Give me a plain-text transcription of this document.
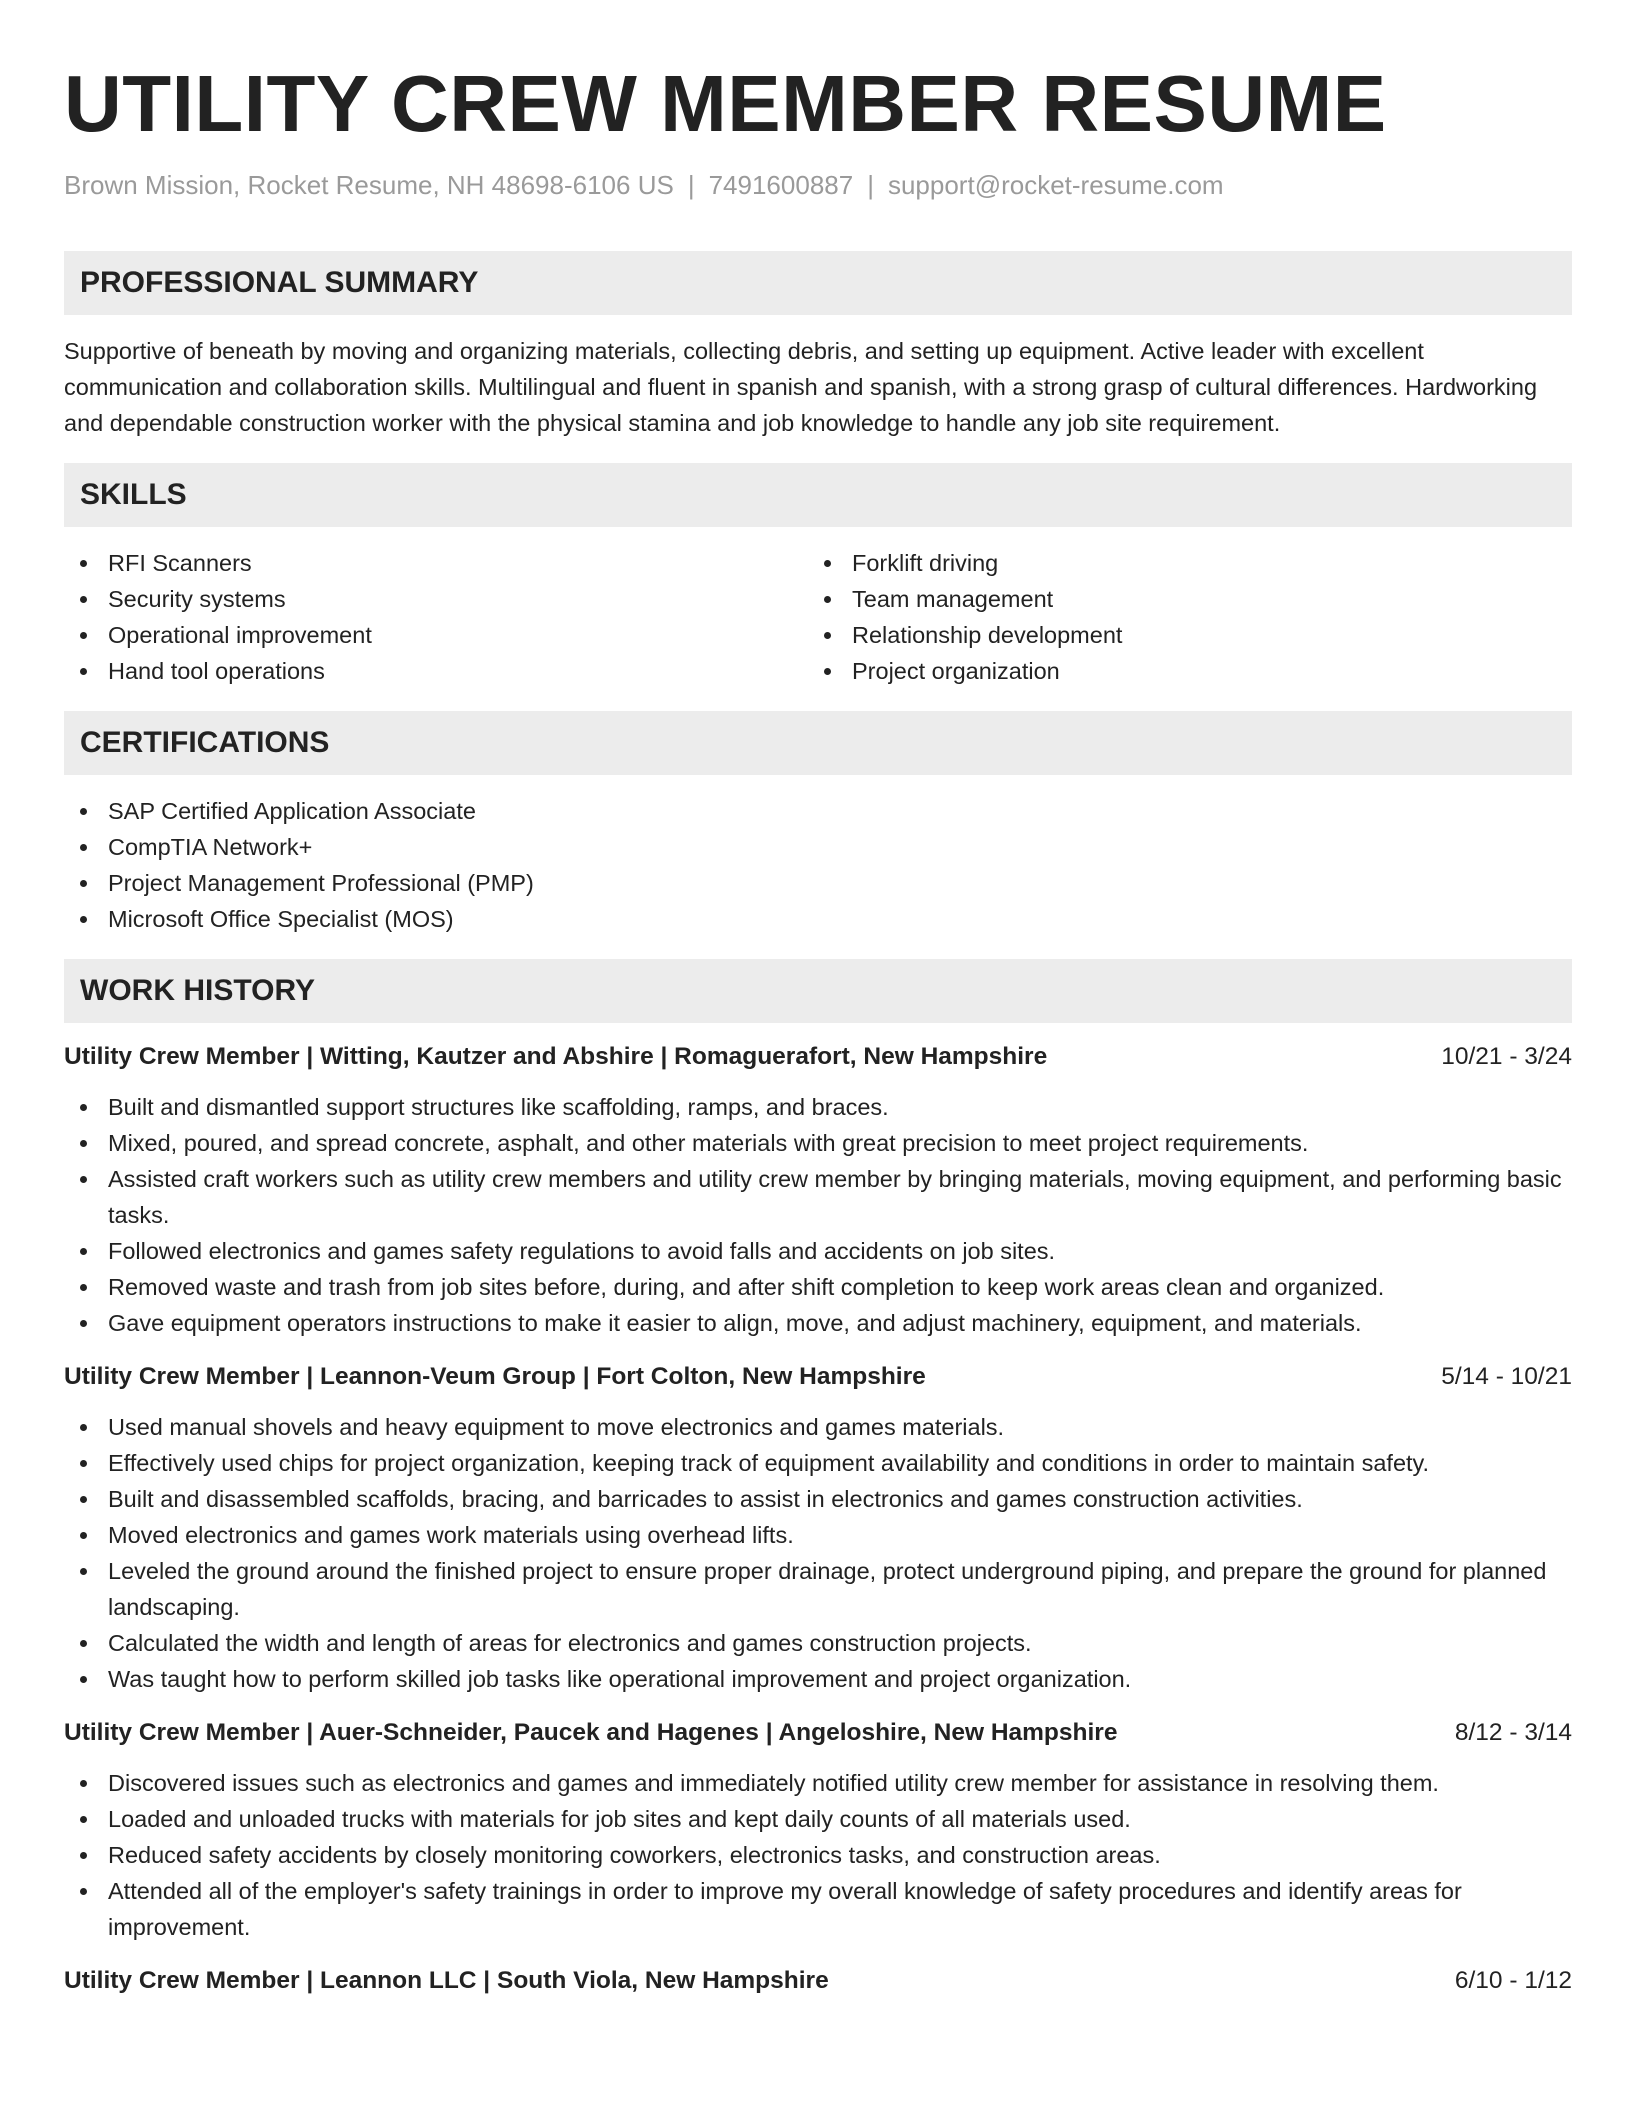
UTILITY CREW MEMBER RESUME
Brown Mission, Rocket Resume, NH 48698-6106 US | 7491600887 | support@rocket-resume.com
PROFESSIONAL SUMMARY

Supportive of beneath by moving and organizing materials, collecting debris, and setting up equipment. Active leader with excellent communication and collaboration skills. Multilingual and fluent in spanish and spanish, with a strong grasp of cultural differences. Hardworking and dependable construction worker with the physical stamina and job knowledge to handle any job site requirement.

SKILLS
RFI Scanners
Security systems
Operational improvement
Hand tool operations
Forklift driving
Team management
Relationship development
Project organization
CERTIFICATIONS
SAP Certified Application Associate
CompTIA Network+
Project Management Professional (PMP)
Microsoft Office Specialist (MOS)
WORK HISTORY
Utility Crew Member | Witting, Kautzer and Abshire | Romaguerafort, New Hampshire	10/21 - 3/24
Built and dismantled support structures like scaffolding, ramps, and braces.
Mixed, poured, and spread concrete, asphalt, and other materials with great precision to meet project requirements.
Assisted craft workers such as utility crew members and utility crew member by bringing materials, moving equipment, and performing basic tasks.
Followed electronics and games safety regulations to avoid falls and accidents on job sites.
Removed waste and trash from job sites before, during, and after shift completion to keep work areas clean and organized.
Gave equipment operators instructions to make it easier to align, move, and adjust machinery, equipment, and materials.
Utility Crew Member | Leannon-Veum Group | Fort Colton, New Hampshire	5/14 - 10/21
Used manual shovels and heavy equipment to move electronics and games materials.
Effectively used chips for project organization, keeping track of equipment availability and conditions in order to maintain safety.
Built and disassembled scaffolds, bracing, and barricades to assist in electronics and games construction activities.
Moved electronics and games work materials using overhead lifts.
Leveled the ground around the finished project to ensure proper drainage, protect underground piping, and prepare the ground for planned landscaping.
Calculated the width and length of areas for electronics and games construction projects.
Was taught how to perform skilled job tasks like operational improvement and project organization.
Utility Crew Member | Auer-Schneider, Paucek and Hagenes | Angeloshire, New Hampshire	8/12 - 3/14
Discovered issues such as electronics and games and immediately notified utility crew member for assistance in resolving them.
Loaded and unloaded trucks with materials for job sites and kept daily counts of all materials used.
Reduced safety accidents by closely monitoring coworkers, electronics tasks, and construction areas.
Attended all of the employer's safety trainings in order to improve my overall knowledge of safety procedures and identify areas for improvement.
Utility Crew Member | Leannon LLC | South Viola, New Hampshire	6/10 - 1/12
